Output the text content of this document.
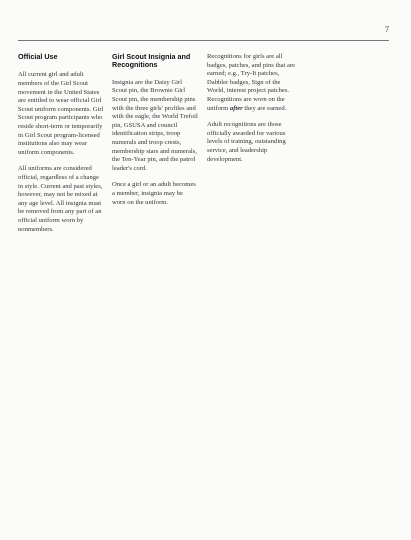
7
Official Use

All current girl and adult members of the Girl Scout movement in the United States are entitled to wear official Girl Scout uniform components. Girl Scout program participants who reside short-term or temporarily in Girl Scout program-licensed institutions also may wear uniform components.

All uniforms are considered official, regardless of a change in style. Current and past styles, however, may not be mixed at any age level. All insignia must be removed from any part of an official uniform worn by nonmembers.

Girl Scout Insignia and Recognitions

Insignia are the Daisy Girl Scout pin, the Brownie Girl Scout pin, the membership pins with the three girls' profiles and with the eagle, the World Trefoil pin, GSUSA and council identification strips, troop numerals and troop crests, membership stars and numerals, the Ten-Year pin, and the patrol leader's cord.

Once a girl or an adult becomes a member, insignia may be worn on the uniform.

Recognitions for girls are all badges, patches, and pins that are earned; e.g., Try-It patches, Dabbler badges, Sign of the World, interest project patches. Recognitions are worn on the uniform after they are earned.

Adult recognitions are those officially awarded for various levels of training, outstanding service, and leadership development.
